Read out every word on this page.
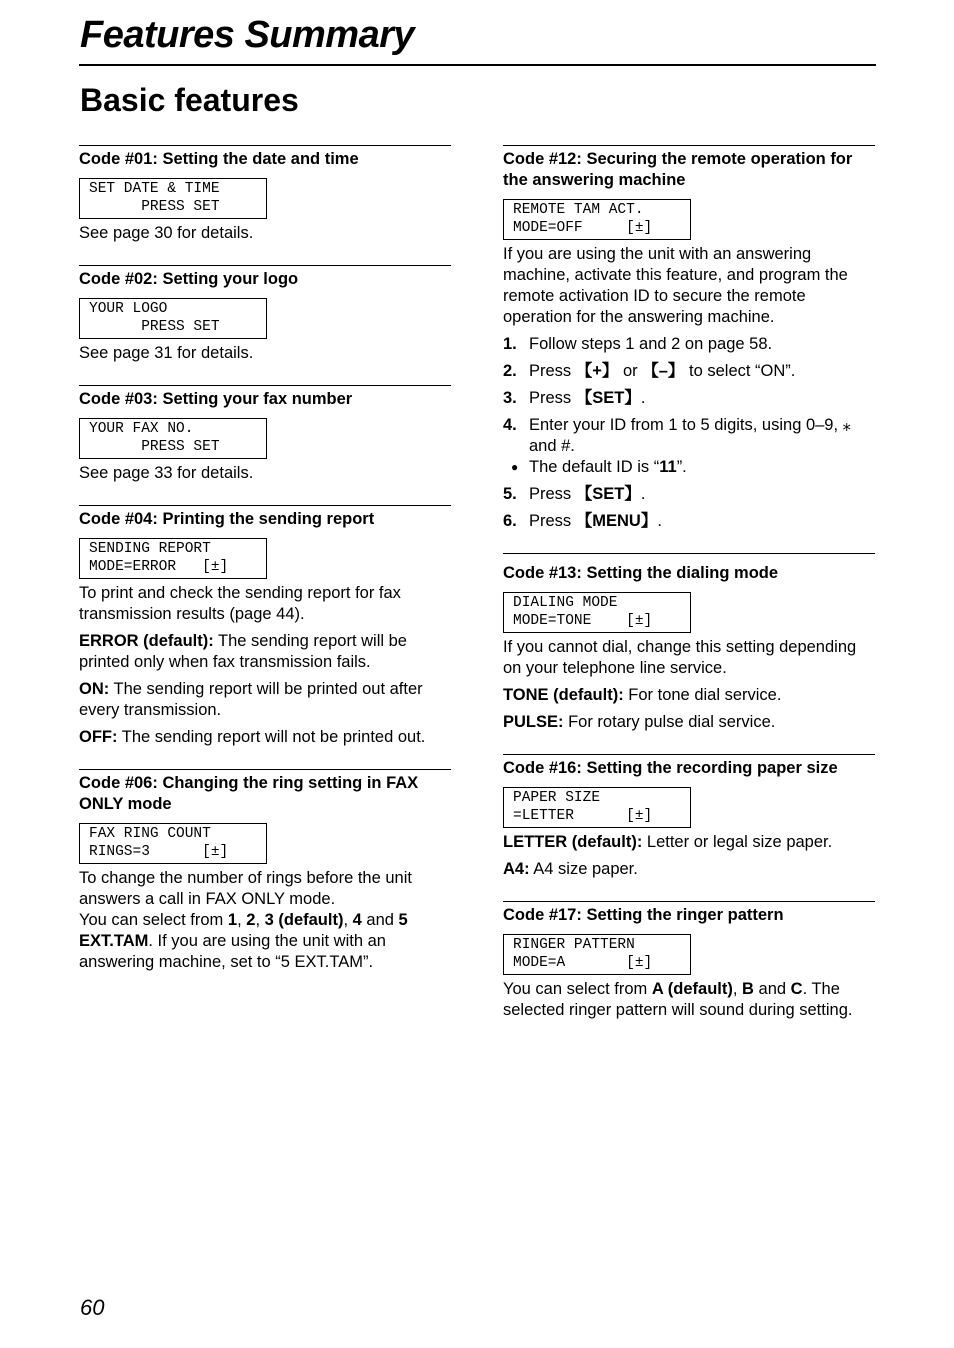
Features Summary
Basic features
Code #01: Setting the date and time
SET DATE & TIME
PRESS SET

See page 30 for details.

Code #02: Setting your logo
YOUR LOGO
PRESS SET

See page 31 for details.

Code #03: Setting your fax number
YOUR FAX NO.
PRESS SET

See page 33 for details.

Code #04: Printing the sending report
SENDING REPORT
MODE=ERROR   [±]

To print and check the sending report for fax transmission results (page 44).

ERROR (default): The sending report will be printed only when fax transmission fails.

ON: The sending report will be printed out after every transmission.

OFF: The sending report will not be printed out.

Code #06: Changing the ring setting in FAX ONLY mode
FAX RING COUNT
RINGS=3      [±]

To change the number of rings before the unit answers a call in FAX ONLY mode.

You can select from 1, 2, 3 (default), 4 and 5 EXT.TAM. If you are using the unit with an answering machine, set to “5 EXT.TAM”.

Code #12: Securing the remote operation for the answering machine
REMOTE TAM ACT.
MODE=OFF     [±]

If you are using the unit with an answering machine, activate this feature, and program the remote activation ID to secure the remote operation for the answering machine.

1. Follow steps 1 and 2 on page 58.
2. Press 【+】 or 【–】 to select “ON”.
3. Press 【SET】.
4. Enter your ID from 1 to 5 digits, using 0–9, ⁎ and #.
● The default ID is “11”.
5. Press 【SET】.
6. Press 【MENU】.
Code #13: Setting the dialing mode
DIALING MODE
MODE=TONE    [±]

If you cannot dial, change this setting depending on your telephone line service.

TONE (default): For tone dial service.

PULSE: For rotary pulse dial service.

Code #16: Setting the recording paper size
PAPER SIZE
=LETTER      [±]

LETTER (default): Letter or legal size paper.

A4: A4 size paper.

Code #17: Setting the ringer pattern
RINGER PATTERN
MODE=A       [±]

You can select from A (default), B and C. The selected ringer pattern will sound during setting.

60
